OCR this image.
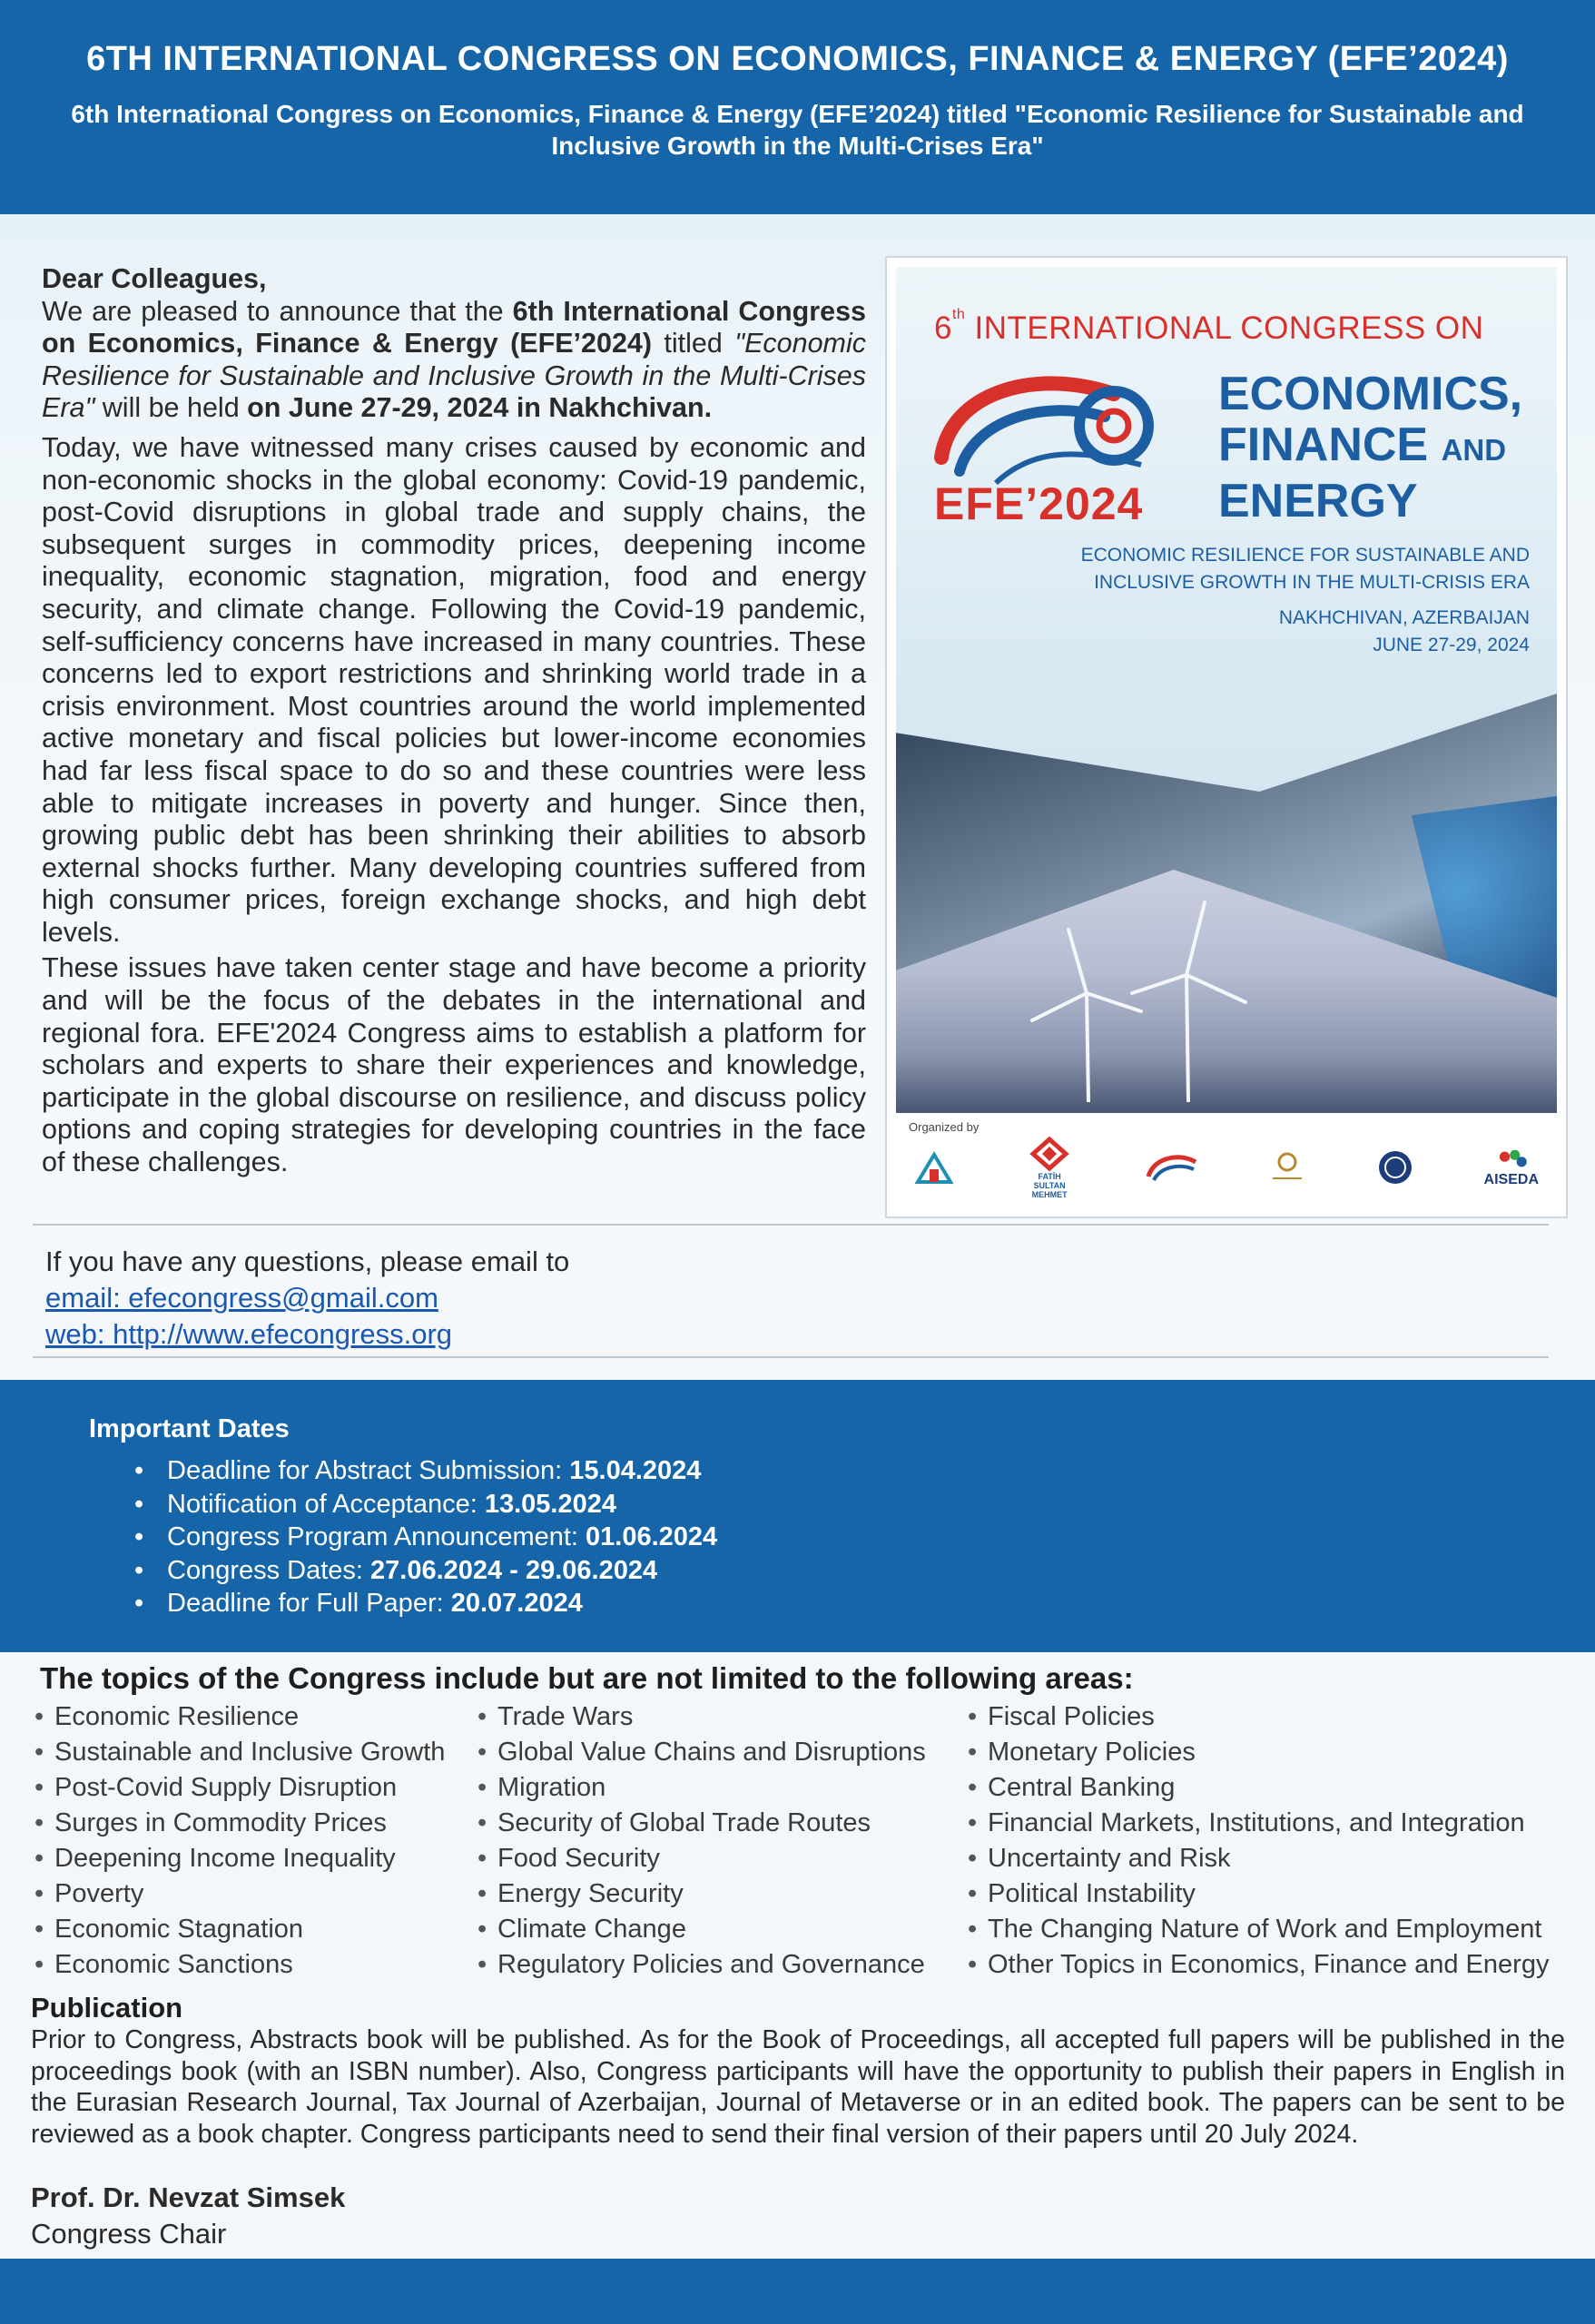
6TH INTERNATIONAL CONGRESS ON ECONOMICS, FINANCE & ENERGY (EFE’2024)
6th International Congress on Economics, Finance & Energy (EFE’2024) titled "Economic Resilience for Sustainable and Inclusive Growth in the Multi-Crises Era"

Dear Colleagues,

We are pleased to announce that the 6th International Congress on Economics, Finance & Energy (EFE’2024) titled "Economic Resilience for Sustainable and Inclusive Growth in the Multi-Crises Era" will be held on June 27-29, 2024 in Nakhchivan.

Today, we have witnessed many crises caused by economic and non-economic shocks in the global economy: Covid-19 pandemic, post-Covid disruptions in global trade and supply chains, the subsequent surges in commodity prices, deepening income inequality, economic stagnation, migration, food and energy security, and climate change. Following the Covid-19 pandemic, self-sufficiency concerns have increased in many countries. These concerns led to export restrictions and shrinking world trade in a crisis environment. Most countries around the world implemented active monetary and fiscal policies but lower-income economies had far less fiscal space to do so and these countries were less able to mitigate increases in poverty and hunger. Since then, growing public debt has been shrinking their abilities to absorb external shocks further. Many developing countries suffered from high consumer prices, foreign exchange shocks, and high debt levels.

These issues have taken center stage and have become a priority and will be the focus of the debates in the international and regional fora. EFE'2024 Congress aims to establish a platform for scholars and experts to share their experiences and knowledge, participate in the global discourse on resilience, and discuss policy options and coping strategies for developing countries in the face of these challenges.

6th INTERNATIONAL CONGRESS ON
EFE’2024
ECONOMICS,
FINANCE AND
ENERGY
ECONOMIC RESILIENCE FOR SUSTAINABLE AND
INCLUSIVE GROWTH IN THE MULTI-CRISIS ERA
NAKHCHIVAN, AZERBAIJAN
JUNE 27-29, 2024
Organized by
FATİH SULTAN MEHMET
AISEDA
If you have any questions, please email to
email: efecongress@gmail.com
web: http://www.efecongress.org
Important Dates
• Deadline for Abstract Submission: 15.04.2024
• Notification of Acceptance: 13.05.2024
• Congress Program Announcement: 01.06.2024
• Congress Dates: 27.06.2024 - 29.06.2024
• Deadline for Full Paper: 20.07.2024
The topics of the Congress include but are not limited to the following areas:
• Economic Resilience
• Sustainable and Inclusive Growth
• Post-Covid Supply Disruption
• Surges in Commodity Prices
• Deepening Income Inequality
• Poverty
• Economic Stagnation
• Economic Sanctions
• Trade Wars
• Global Value Chains and Disruptions
• Migration
• Security of Global Trade Routes
• Food Security
• Energy Security
• Climate Change
• Regulatory Policies and Governance
• Fiscal Policies
• Monetary Policies
• Central Banking
• Financial Markets, Institutions, and Integration
• Uncertainty and Risk
• Political Instability
• The Changing Nature of Work and Employment
• Other Topics in Economics, Finance and Energy
Publication
Prior to Congress, Abstracts book will be published. As for the Book of Proceedings, all accepted full papers will be published in the proceedings book (with an ISBN number). Also, Congress participants will have the opportunity to publish their papers in English in the Eurasian Research Journal, Tax Journal of Azerbaijan, Journal of Metaverse or in an edited book. The papers can be sent to be reviewed as a book chapter. Congress participants need to send their final version of their papers until 20 July 2024.
Prof. Dr. Nevzat Simsek
Congress Chair
